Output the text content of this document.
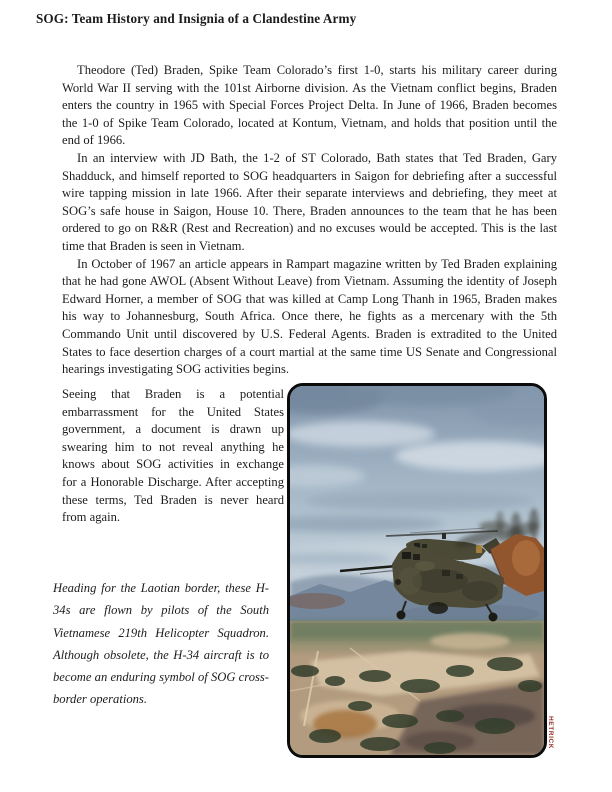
SOG: Team History and Insignia of a Clandestine Army

Theodore (Ted) Braden, Spike Team Colorado’s first 1-0, starts his military career during World War II serving with the 101st Airborne division. As the Vietnam conflict begins, Braden enters the country in 1965 with Special Forces Project Delta. In June of 1966, Braden becomes the 1-0 of Spike Team Colorado, located at Kontum, Vietnam, and holds that position until the end of 1966.

In an interview with JD Bath, the 1-2 of ST Colorado, Bath states that Ted Braden, Gary Shadduck, and himself reported to SOG headquarters in Saigon for debriefing after a successful wire tapping mission in late 1966. After their separate interviews and debriefing, they meet at SOG’s safe house in Saigon, House 10. There, Braden announces to the team that he has been ordered to go on R&R (Rest and Recreation) and no excuses would be accepted. This is the last time that Braden is seen in Vietnam.

In October of 1967 an article appears in Rampart magazine written by Ted Braden explaining that he had gone AWOL (Absent Without Leave) from Vietnam. Assuming the identity of Joseph Edward Horner, a member of SOG that was killed at Camp Long Thanh in 1965, Braden makes his way to Johannesburg, South Africa. Once there, he fights as a mercenary with the 5th Commando Unit until discovered by U.S. Federal Agents. Braden is extradited to the United States to face desertion charges of a court martial at the same time US Senate and Congressional hearings investigating SOG activities begins.

Seeing that Braden is a potential embarrassment for the United States government, a document is drawn up swearing him to not reveal anything he knows about SOG activities in exchange for a Honorable Discharge. After accepting these terms, Ted Braden is never heard from again.

Heading for the Laotian border, these H-34s are flown by pilots of the South Vietnamese 219th Helicopter Squadron. Although obsolete, the H-34 aircraft is to become an enduring symbol of SOG cross-border operations.

HETRICK
